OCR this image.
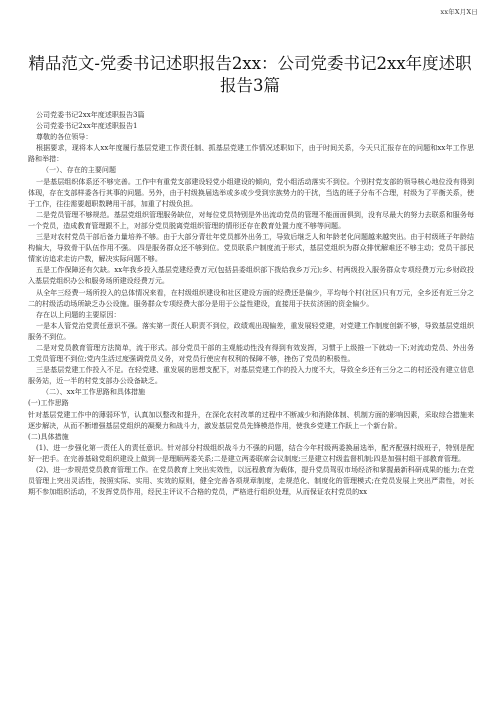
xx年X月X日
精品范文-党委书记述职报告2xx：公司党委书记2xx年度述职报告3篇

公司党委书记2xx年度述职报告3篇

公司党委书记2xx年度述职报告1

尊敬的各位领导：

根据要求，现将本人xx年度履行基层党建工作责任制、抓基层党建工作情况述职如下，由于时间关系，今天只汇报存在的问题和xx年工作思路和举措：

（一）、存在的主要问题

一是基层组织体系还不够完善。工作中有重党支部建设轻党小组建设的倾向，党小组活动落实不到位。个别村党支部的领导核心地位没有得到体现，存在支部样委各行其事的问题。另外，由于村级换届选举或多或少受到宗族势力的干扰，当选的班子分布不合理，村级为了平衡关系，使于工作，往往需要超职数聘用干部，加重了村级负担。

二是党员管理不够规范。基层党组织管理服务缺位，对每位党员特别是外出流动党员的管理不能面面俱到，没有尽最大的努力去联系和服务每一个党员，造成教育管理跟不上，对部分党员脱离党组织管理的情形还存在教育处置力度不够等问题。

三是对农村党员干部后备力量培养不够。由于大部分青壮年党员都外出务工，导致后继乏人和年龄老化问题越来越突出。由于村级班子年龄结构偏大，导致骨干队伍作用不强。 四是服务群众还不够到位。党员联系户制度流于形式，基层党组织为群众排忧解难还不够主动；党员干部民情家访追求走访户数，解决实际问题不够。

五是工作保障还有欠缺。xx年我乡投入基层党建经费万元(包括县委组织部下拨给我乡万元);乡、村两级投入服务群众专项经费万元;乡财政投入基层党组织办公和服务场所建设经费万元。

从全年三经费一场所投入的总体情况来看，在村级组织建设和社区建设方面的经费还是偏少，平均每个村(社区)只有万元，全乡还有近三分之二的村级活动场所缺乏办公设施。服务群众专项经费大部分是用于公益性建设，直接用于扶贫济困的资金偏少。

存在以上问题的主要原因：

一是本人管党治党责任意识不强。落实第一责任人职责不到位，政绩观出现偏差，重发展轻党建，对党建工作制度创新不够，导致基层党组织服务不到位。

二是对党员教育管理方法简单，流于形式。部分党员干部的主观能动性没有得到有效发挥，习惯于上级推一下就动一下;对流动党员、外出务工党员管理不到位;党内生活过度强调党员义务，对党员行使应有权利的保障不够，挫伤了党员的积极性。

三是基层党建工作投入不足。在轻党建、重发展的思想支配下，对基层党建工作的投入力度不大，导致全乡还有三分之二的村还没有建立信息服务站，近一半的村党支部办公设备缺乏。

（二）、xx年工作思路和具体措施

(一)工作思路

针对基层党建工作中的薄弱环节，认真加以整改和提升，在深化农村改革的过程中不断减少和消除体制、机制方面的影响因素，采取综合措施来逐步解决，从而不断增强基层党组织的凝聚力和战斗力，激发基层党员先锋模范作用，使我乡党建工作跃上一个新台阶。

(二)具体措施

(1)、进一步强化第一责任人的责任意识。针对部分村级组织战斗力不强的问题，结合今年村级两委换届选举，配齐配强村级班子，特别是配好一把手。在完善基础党组织建设上做到一是理顺两委关系;二是建立两委联席会议制度;三是建立村级监督机制;四是加强村组干部教育管理。

(2)、进一步规范党员教育管理工作。在党员教育上突出实效性，以远程教育为载体，提升党员驾驭市场经济和掌握最新科研成果的能力;在党员管理上突出灵活性，按照实际、实用、实效的原则，健全完善各项规章制度，走规范化、制度化的管理模式;在党员发展上突出严肃性，对长期不参加组织活动，不发挥党员作用，经民主评议不合格的党员，严格进行组织处理，从而保证农村党员的xx
